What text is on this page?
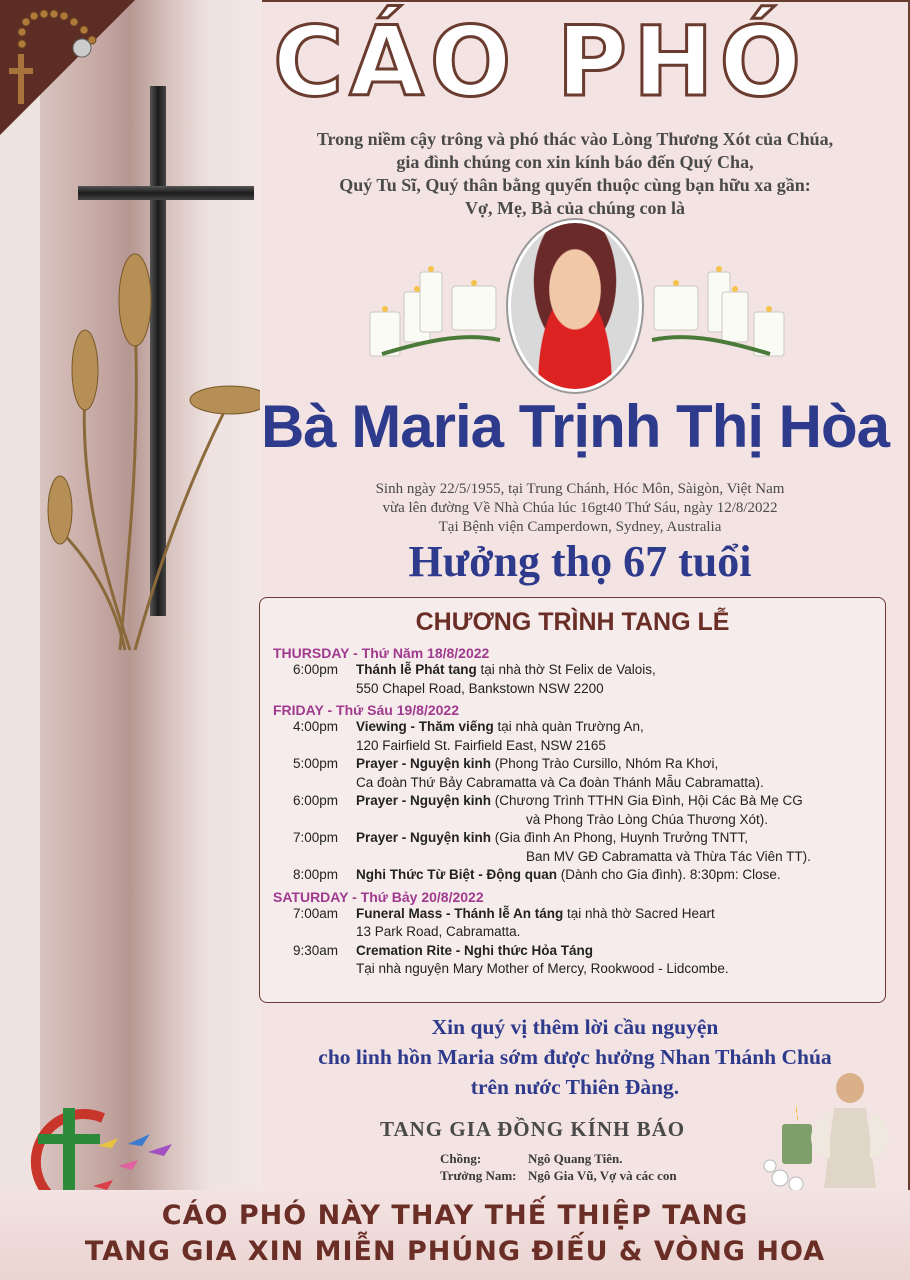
CÁO PHÓ
Trong niềm cậy trông và phó thác vào Lòng Thương Xót của Chúa,
gia đình chúng con xin kính báo đến Quý Cha,
Quý Tu Sĩ, Quý thân bằng quyến thuộc cùng bạn hữu xa gần:
Vợ, Mẹ, Bà của chúng con là
Bà Maria Trịnh Thị Hòa
Sinh ngày 22/5/1955, tại Trung Chánh, Hóc Môn, Sàigòn, Việt Nam
vừa lên đường Về Nhà Chúa lúc 16gt40 Thứ Sáu, ngày 12/8/2022
Tại Bệnh viện Camperdown, Sydney, Australia
Hưởng thọ 67 tuổi
CHƯƠNG TRÌNH TANG LỄ
THURSDAY - Thứ Năm 18/8/2022
6:00pm	Thánh lễ Phát tang tại nhà thờ St Felix de Valois,
550 Chapel Road, Bankstown NSW 2200
FRIDAY - Thứ Sáu 19/8/2022
4:00pm	Viewing - Thăm viếng tại nhà quàn Trường An,
120 Fairfield St. Fairfield East, NSW 2165
5:00pm	Prayer - Nguyện kinh (Phong Trào Cursillo, Nhóm Ra Khơi,
Ca đoàn Thứ Bảy Cabramatta và Ca đoàn Thánh Mẫu Cabramatta).
6:00pm	Prayer - Nguyện kinh (Chương Trình TTHN Gia Đình, Hội Các Bà Mẹ CG
và Phong Trào Lòng Chúa Thương Xót).
7:00pm	Prayer - Nguyện kinh (Gia đình An Phong, Huynh Trưởng TNTT,
Ban MV GĐ Cabramatta và Thừa Tác Viên TT).
8:00pm	Nghi Thức Từ Biệt - Động quan (Dành cho Gia đình). 8:30pm: Close.
SATURDAY - Thứ Bảy 20/8/2022
7:00am	Funeral Mass - Thánh lễ An táng tại nhà thờ Sacred Heart
13 Park Road, Cabramatta.
9:30am	Cremation Rite - Nghi thức Hỏa Táng
Tại nhà nguyện Mary Mother of Mercy, Rookwood - Lidcombe.
Xin quý vị thêm lời cầu nguyện
cho linh hồn Maria sớm được hưởng Nhan Thánh Chúa
trên nước Thiên Đàng.
TANG GIA ĐỒNG KÍNH BÁO
Chồng:	Ngô Quang Tiên.
Trưởng Nam: Ngô Gia Vũ, Vợ và các con
CÁO PHÓ NÀY THAY THẾ THIỆP TANG
TANG GIA XIN MIỄN PHÚNG ĐIẾU & VÒNG HOA
